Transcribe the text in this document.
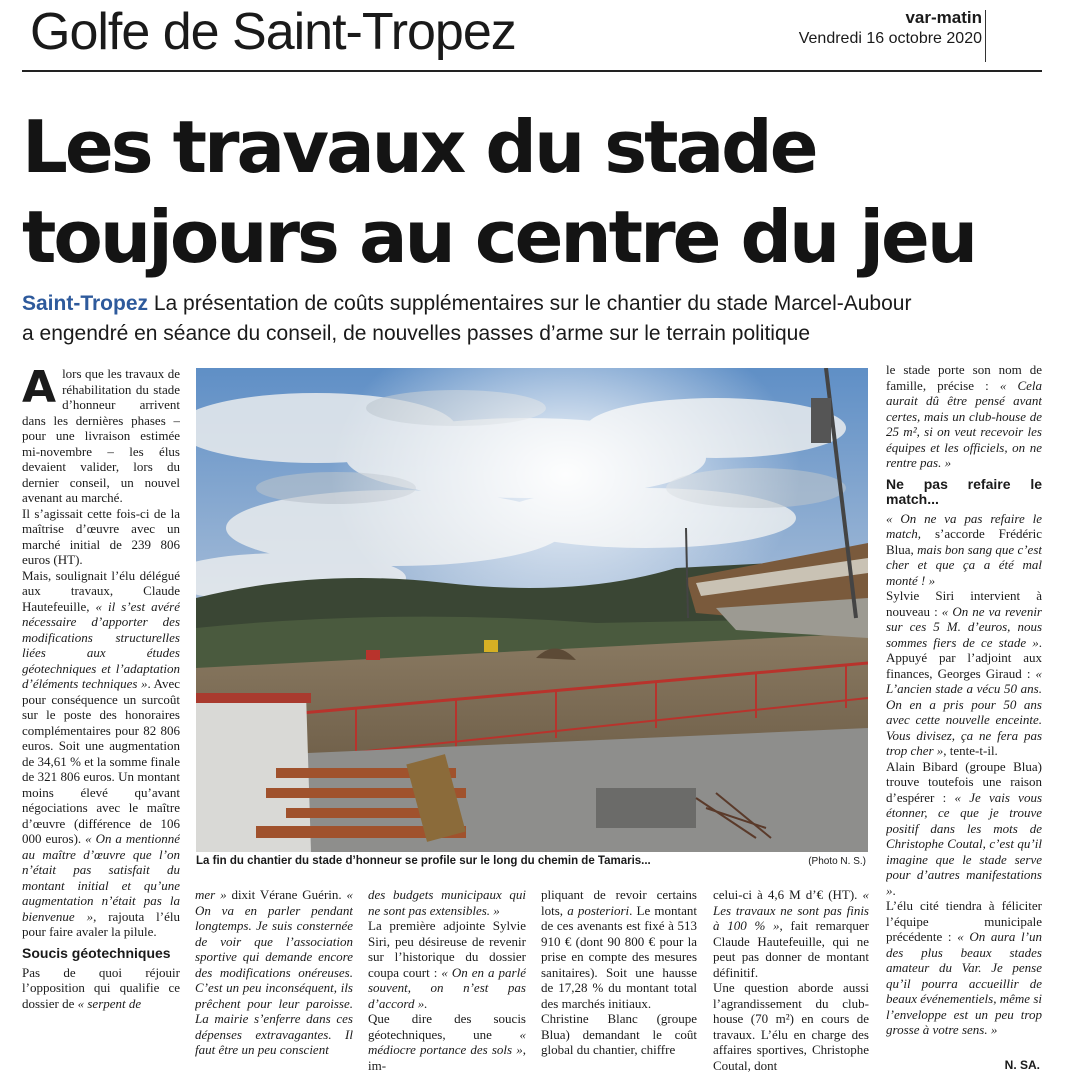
Golfe de Saint-Tropez	var-matin
Vendredi 16 octobre 2020
Les travaux du stade
toujours au centre du jeu
Saint-Tropez La présentation de coûts supplémentaires sur le chantier du stade Marcel-Aubour
a engendré en séance du conseil, de nouvelles passes d’arme sur le terrain politique

Alors que les travaux de réhabilitation du stade d’honneur arrivent dans les dernières phases – pour une livraison estimée mi-novembre – les élus devaient valider, lors du dernier conseil, un nouvel avenant au marché.

Il s’agissait cette fois-ci de la maîtrise d’œuvre avec un marché initial de 239 806 euros (HT).

Mais, soulignait l’élu délégué aux travaux, Claude Hautefeuille, « il s’est avéré nécessaire d’apporter des modifications structurelles liées aux études géotechniques et l’adaptation d’éléments techniques ». Avec pour conséquence un surcoût sur le poste des honoraires complémentaires pour 82 806 euros. Soit une augmentation de 34,61 % et la somme finale de 321 806 euros. Un montant moins élevé qu’avant négociations avec le maître d’œuvre (différence de 106 000 euros). « On a mentionné au maître d’œuvre que l’on n’était pas satisfait du montant initial et qu’une augmentation n’était pas la bienvenue », rajouta l’élu pour faire avaler la pilule.

Soucis géotechniques

Pas de quoi réjouir l’opposition qui qualifie ce dossier de « serpent de

La fin du chantier du stade d’honneur se profile sur le long du chemin de Tamaris...	(Photo N. S.)

mer » dixit Vérane Guérin. « On va en parler pendant longtemps. Je suis consternée de voir que l’association sportive qui demande encore des modifications onéreuses. C’est un peu inconséquent, ils prêchent pour leur paroisse. La mairie s’enferre dans ces dépenses extravagantes. Il faut être un peu conscient

des budgets municipaux qui ne sont pas extensibles. »

La première adjointe Sylvie Siri, peu désireuse de revenir sur l’historique du dossier coupa court : « On en a parlé souvent, on n’est pas d’accord ».

Que dire des soucis géotechniques, une « médiocre portance des sols », im-

pliquant de revoir certains lots, a posteriori. Le montant de ces avenants est fixé à 513 910 € (dont 90 800 € pour la prise en compte des mesures sanitaires). Soit une hausse de 17,28 % du montant total des marchés initiaux.

Christine Blanc (groupe Blua) demandant le coût global du chantier, chiffre

celui-ci à 4,6 M d’€ (HT). « Les travaux ne sont pas finis à 100 % », fait remarquer Claude Hautefeuille, qui ne peut pas donner de montant définitif.

Une question aborde aussi l’agrandissement du club-house (70 m²) en cours de travaux. L’élu en charge des affaires sportives, Christophe Coutal, dont

le stade porte son nom de famille, précise : « Cela aurait dû être pensé avant certes, mais un club-house de 25 m², si on veut recevoir les équipes et les officiels, on ne rentre pas. »

Ne pas refaire le match...

« On ne va pas refaire le match, s’accorde Frédéric Blua, mais bon sang que c’est cher et que ça a été mal monté ! »

Sylvie Siri intervient à nouveau : « On ne va revenir sur ces 5 M. d’euros, nous sommes fiers de ce stade ». Appuyé par l’adjoint aux finances, Georges Giraud : « L’ancien stade a vécu 50 ans. On en a pris pour 50 ans avec cette nouvelle enceinte. Vous divisez, ça ne fera pas trop cher », tente-t-il.

Alain Bibard (groupe Blua) trouve toutefois une raison d’espérer : « Je vais vous étonner, ce que je trouve positif dans les mots de Christophe Coutal, c’est qu’il imagine que le stade serve pour d’autres manifestations ».

L’élu cité tiendra à féliciter l’équipe municipale précédente : « On aura l’un des plus beaux stades amateur du Var. Je pense qu’il pourra accueillir de beaux événementiels, même si l’enveloppe est un peu trop grosse à votre sens. »

N. SA.
